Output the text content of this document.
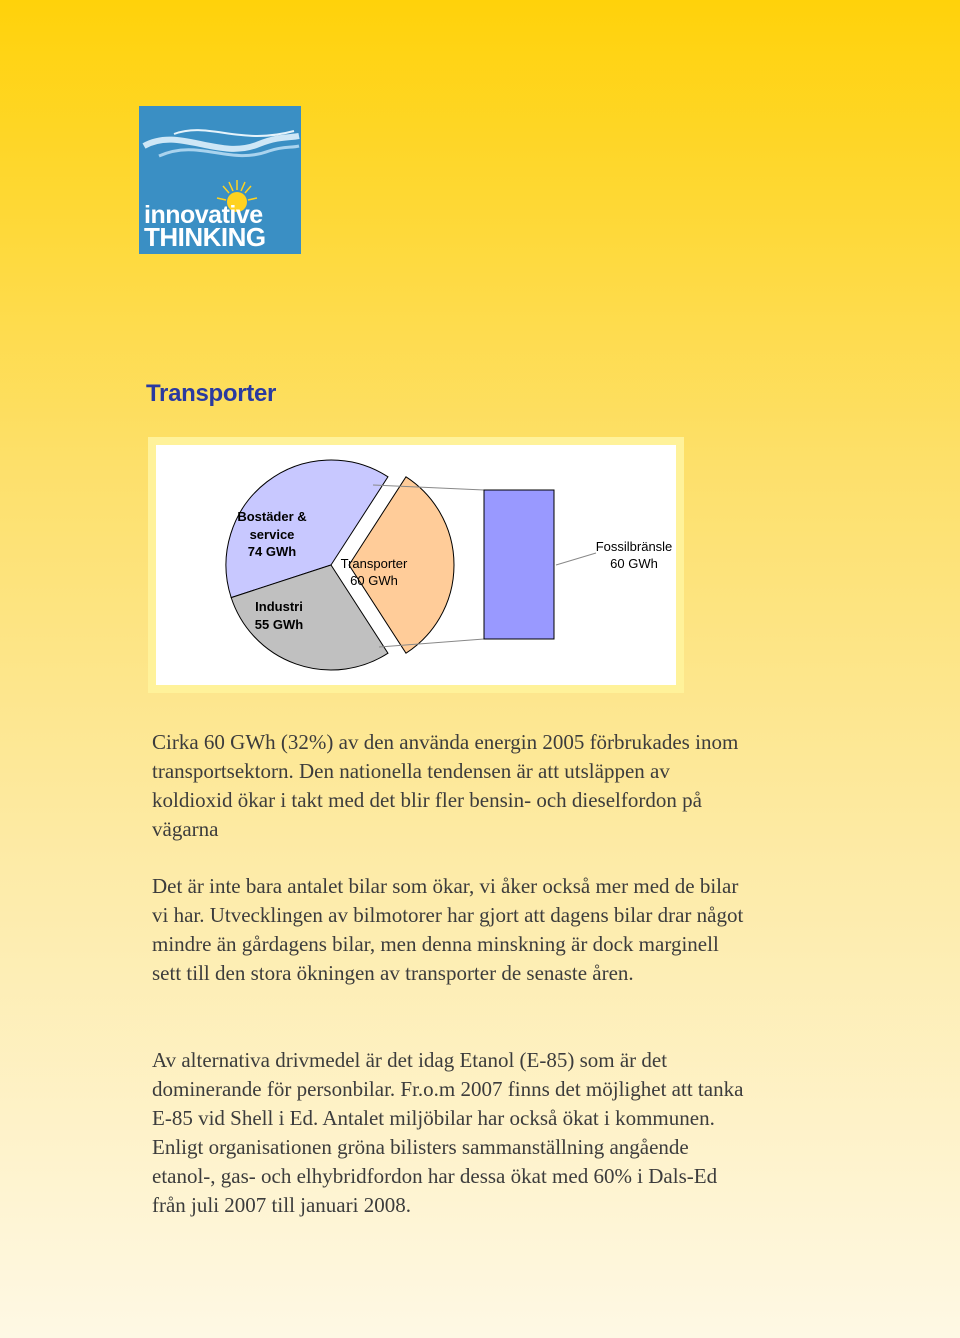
innovative
THINKING
Transporter
Bostäder &
service
74 GWh
Transporter
60 GWh
Industri
55 GWh
Fossilbränsle
60 GWh

Cirka 60 GWh (32%) av den använda energin 2005 förbrukades inom transportsektorn. Den nationella tendensen är att utsläppen av koldioxid ökar i takt med det blir fler bensin- och dieselfordon på vägarna

Det är inte bara antalet bilar som ökar, vi åker också mer med de bilar vi har. Utvecklingen av bilmotorer har gjort att dagens bilar drar något mindre än gårdagens bilar, men denna minskning är dock marginell sett till den stora ökningen av transporter de senaste åren.

Av alternativa drivmedel är det idag Etanol (E-85) som är det dominerande för personbilar. Fr.o.m 2007 finns det möjlighet att tanka E-85 vid Shell i Ed. Antalet miljöbilar har också ökat i kommunen. Enligt organisationen gröna bilisters sammanställning angående etanol-, gas- och elhybridfordon har dessa ökat med 60% i Dals-Ed från juli 2007 till januari 2008.
